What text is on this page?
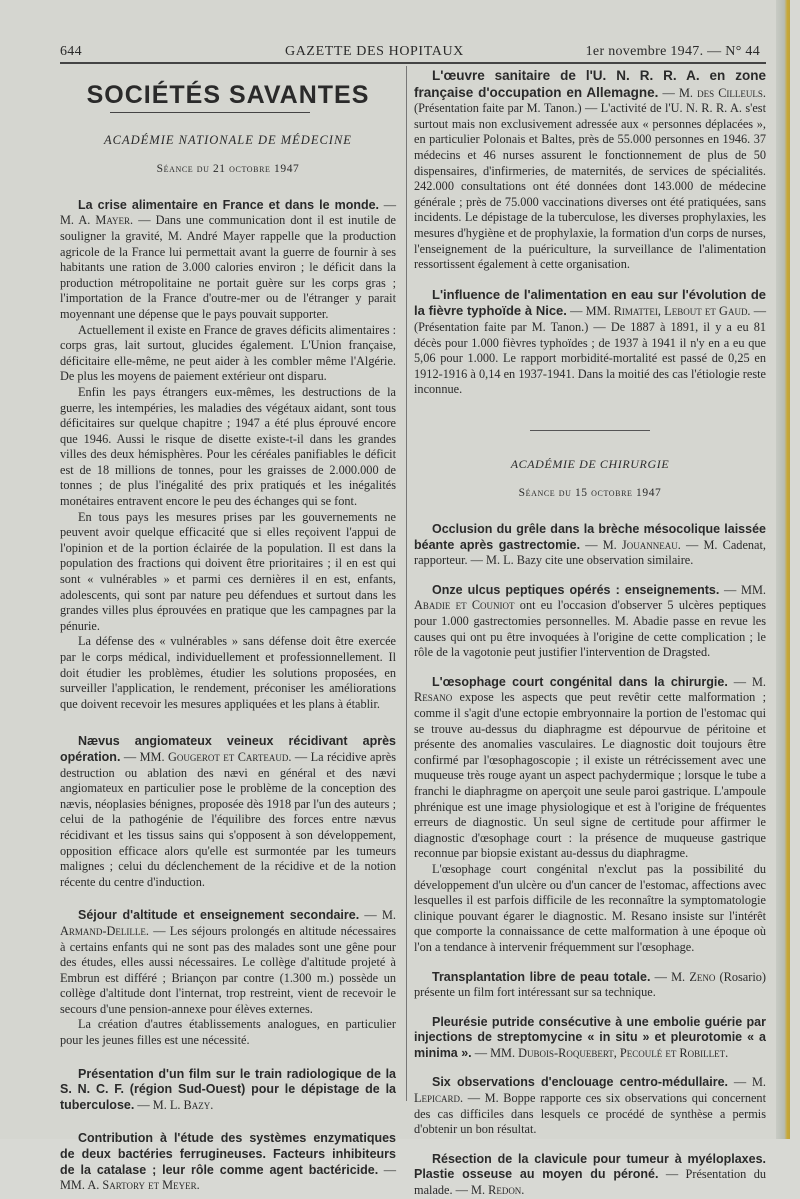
644	GAZETTE DES HOPITAUX	1er novembre 1947. — N° 44
SOCIÉTÉS SAVANTES
ACADÉMIE NATIONALE DE MÉDECINE
Séance du 21 octobre 1947

La crise alimentaire en France et dans le monde. — M. A. Mayer. — Dans une communication dont il est inutile de souligner la gravité, M. André Mayer rappelle que la production agricole de la France lui permettait avant la guerre de fournir à ses habitants une ration de 3.000 calories environ ; le déficit dans la production métropolitaine ne portait guère sur les corps gras ; l'importation de la France d'outre-mer ou de l'étranger y parait moyennant une dépense que le pays pouvait supporter.

Actuellement il existe en France de graves déficits alimentaires : corps gras, lait surtout, glucides également. L'Union française, déficitaire elle-même, ne peut aider à les combler même l'Algérie. De plus les moyens de paiement extérieur ont disparu.

Enfin les pays étrangers eux-mêmes, les destructions de la guerre, les intempéries, les maladies des végétaux aidant, sont tous déficitaires sur quelque chapitre ; 1947 a été plus éprouvé encore que 1946. Aussi le risque de disette existe-t-il dans les grandes villes des deux hémisphères. Pour les céréales panifiables le déficit est de 18 millions de tonnes, pour les graisses de 2.000.000 de tonnes ; de plus l'inégalité des prix pratiqués et les inégalités monétaires entravent encore le peu des échanges qui se font.

En tous pays les mesures prises par les gouvernements ne peuvent avoir quelque efficacité que si elles reçoivent l'appui de l'opinion et de la portion éclairée de la population. Il est dans la population des fractions qui doivent être prioritaires ; il en est qui sont « vulnérables » et parmi ces dernières il en est, enfants, adolescents, qui sont par nature peu défendues et surtout dans les grandes villes plus éprouvées en pratique que les campagnes par la pénurie.

La défense des « vulnérables » sans défense doit être exercée par le corps médical, individuellement et professionnellement. Il doit étudier les problèmes, étudier les solutions proposées, en surveiller l'application, le rendement, préconiser les améliorations que doivent recevoir les mesures appliquées et les plans à établir.

Nævus angiomateux veineux récidivant après opération. — MM. Gougerot et Carteaud. — La récidive après destruction ou ablation des nævi en général et des nævi angiomateux en particulier pose le problème de la conception des nævis, néoplasies bénignes, proposée dès 1918 par l'un des auteurs ; celui de la pathogénie de l'équilibre des forces entre nævus récidivant et les tissus sains qui s'opposent à son développement, opposition efficace alors qu'elle est surmontée par les tumeurs malignes ; celui du déclenchement de la récidive et de la notion récente du centre d'induction.

Séjour d'altitude et enseignement secondaire. — M. Armand-Delille. — Les séjours prolongés en altitude nécessaires à certains enfants qui ne sont pas des malades sont une gêne pour des études, elles aussi nécessaires. Le collège d'altitude projeté à Embrun est différé ; Briançon par contre (1.300 m.) possède un collège d'altitude dont l'internat, trop restreint, vient de recevoir le secours d'une pension-annexe pour élèves externes.

La création d'autres établissements analogues, en particulier pour les jeunes filles est une nécessité.

Présentation d'un film sur le train radiologique de la S. N. C. F. (région Sud-Ouest) pour le dépistage de la tuberculose. — M. L. Bazy.

Contribution à l'étude des systèmes enzymatiques de deux bactéries ferrugineuses. Facteurs inhibiteurs de la catalase ; leur rôle comme agent bactéricide. — MM. A. Sartory et Meyer.

L'œuvre sanitaire de l'U. N. R. R. A. en zone française d'occupation en Allemagne. — M. des Cilleuls. (Présentation faite par M. Tanon.) — L'activité de l'U. N. R. R. A. s'est surtout mais non exclusivement adressée aux « personnes déplacées », en particulier Polonais et Baltes, près de 55.000 personnes en 1946. 37 médecins et 46 nurses assurent le fonctionnement de plus de 50 dispensaires, d'infirmeries, de maternités, de services de spécialités. 242.000 consultations ont été données dont 143.000 de médecine générale ; près de 75.000 vaccinations diverses ont été pratiquées, sans incidents. Le dépistage de la tuberculose, les diverses prophylaxies, les mesures d'hygiène et de prophylaxie, la formation d'un corps de nurses, l'enseignement de la puériculture, la surveillance de l'alimentation ressortissent également à cette organisation.

L'influence de l'alimentation en eau sur l'évolution de la fièvre typhoïde à Nice. — MM. Rimattei, Lebout et Gaud. — (Présentation faite par M. Tanon.) — De 1887 à 1891, il y a eu 81 décès pour 1.000 fièvres typhoïdes ; de 1937 à 1941 il n'y en a eu que 5,06 pour 1.000. Le rapport morbidité-mortalité est passé de 0,25 en 1912-1916 à 0,14 en 1937-1941. Dans la moitié des cas l'étiologie reste inconnue.

ACADÉMIE DE CHIRURGIE
Séance du 15 octobre 1947

Occlusion du grêle dans la brèche mésocolique laissée béante après gastrectomie. — M. Jouanneau. — M. Cadenat, rapporteur. — M. L. Bazy cite une observation similaire.

Onze ulcus peptiques opérés : enseignements. — MM. Abadie et Counıot ont eu l'occasion d'observer 5 ulcères peptiques pour 1.000 gastrectomies personnelles. M. Abadie passe en revue les causes qui ont pu être invoquées à l'origine de cette complication ; le rôle de la vagotonie peut justifier l'intervention de Dragsted.

L'œsophage court congénital dans la chirurgie. — M. Resano expose les aspects que peut revêtir cette malformation ; comme il s'agit d'une ectopie embryonnaire la portion de l'estomac qui se trouve au-dessus du diaphragme est dépourvue de péritoine et présente des anomalies vasculaires. Le diagnostic doit toujours être confirmé par l'œsophagoscopie ; il existe un rétrécissement avec une muqueuse très rouge ayant un aspect pachydermique ; lorsque le tube a franchi le diaphragme on aperçoit une seule paroi gastrique. L'ampoule phrénique est une image physiologique et est à l'origine de fréquentes erreurs de diagnostic. Un seul signe de certitude pour affirmer le diagnostic d'œsophage court : la présence de muqueuse gastrique reconnue par biopsie existant au-dessus du diaphragme.

L'œsophage court congénital n'exclut pas la possibilité du développement d'un ulcère ou d'un cancer de l'estomac, affections avec lesquelles il est parfois difficile de les reconnaître la symptomatologie clinique pouvant égarer le diagnostic. M. Resano insiste sur l'intérêt que comporte la connaissance de cette malformation à une époque où l'on a tendance à intervenir fréquemment sur l'œsophage.

Transplantation libre de peau totale. — M. Zeno (Rosario) présente un film fort intéressant sur sa technique.

Pleurésie putride consécutive à une embolie guérie par injections de streptomycine « in situ » et pleurotomie « a minima ». — MM. Dubois-Roquebert, Pecoulé et Robillet.

Six observations d'enclouage centro-médullaire. — M. Lepicard. — M. Boppe rapporte ces six observations qui concernent des cas difficiles dans lesquels ce procédé de synthèse a permis d'obtenir un bon résultat.

Résection de la clavicule pour tumeur à myéloplaxes. Plastie osseuse au moyen du péroné. — Présentation du malade. — M. Redon.
